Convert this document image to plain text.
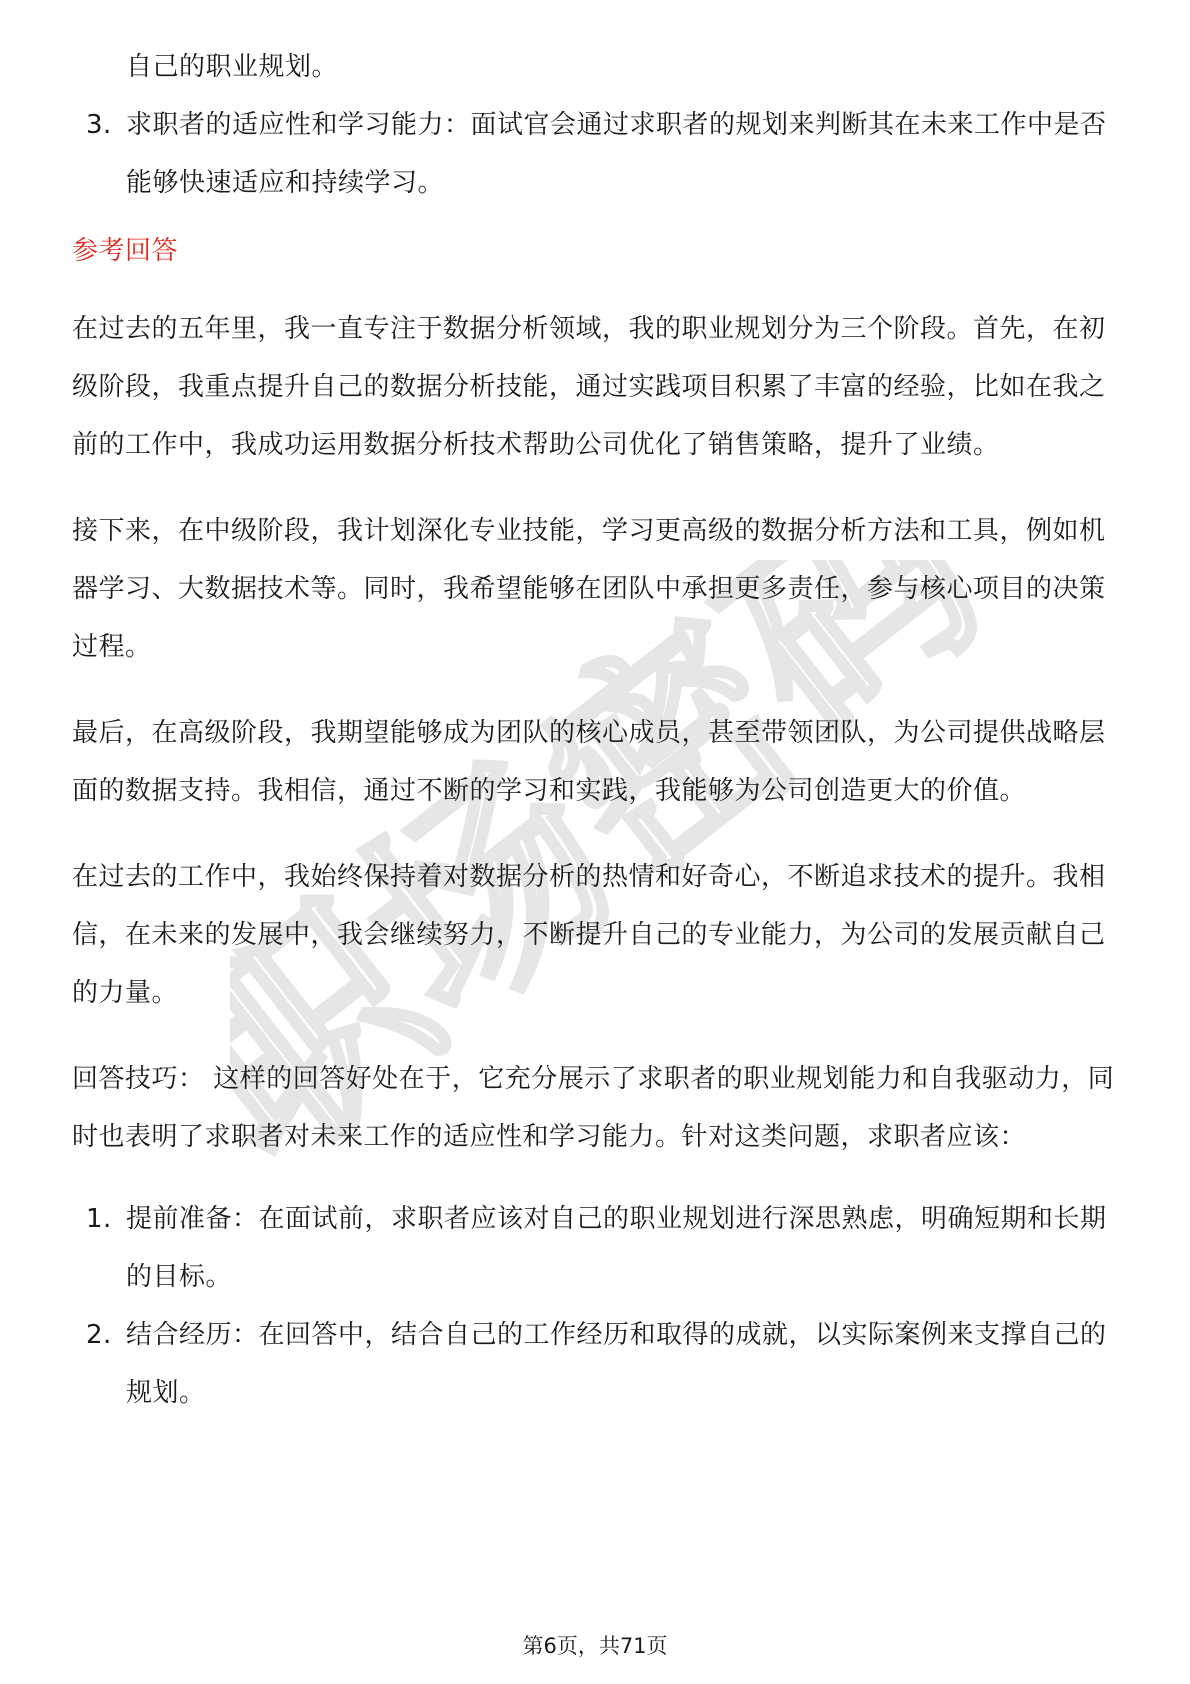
职场密码
自己的职业规划。
3. 求职者的适应性和学习能力：面试官会通过求职者的规划来判断其在未来工作中是否能够快速适应和持续学习。
参考回答
在过去的五年里，我一直专注于数据分析领域，我的职业规划分为三个阶段。首先，在初级阶段，我重点提升自己的数据分析技能，通过实践项目积累了丰富的经验，比如在我之前的工作中，我成功运用数据分析技术帮助公司优化了销售策略，提升了业绩。
接下来，在中级阶段，我计划深化专业技能，学习更高级的数据分析方法和工具，例如机器学习、大数据技术等。同时，我希望能够在团队中承担更多责任，参与核心项目的决策过程。
最后，在高级阶段，我期望能够成为团队的核心成员，甚至带领团队，为公司提供战略层面的数据支持。我相信，通过不断的学习和实践，我能够为公司创造更大的价值。
在过去的工作中，我始终保持着对数据分析的热情和好奇心，不断追求技术的提升。我相信，在未来的发展中，我会继续努力，不断提升自己的专业能力，为公司的发展贡献自己的力量。
回答技巧： 这样的回答好处在于，它充分展示了求职者的职业规划能力和自我驱动力，同时也表明了求职者对未来工作的适应性和学习能力。针对这类问题，求职者应该：
1. 提前准备：在面试前，求职者应该对自己的职业规划进行深思熟虑，明确短期和长期的目标。
2. 结合经历：在回答中，结合自己的工作经历和取得的成就，以实际案例来支撑自己的规划。
第6页，共71页
